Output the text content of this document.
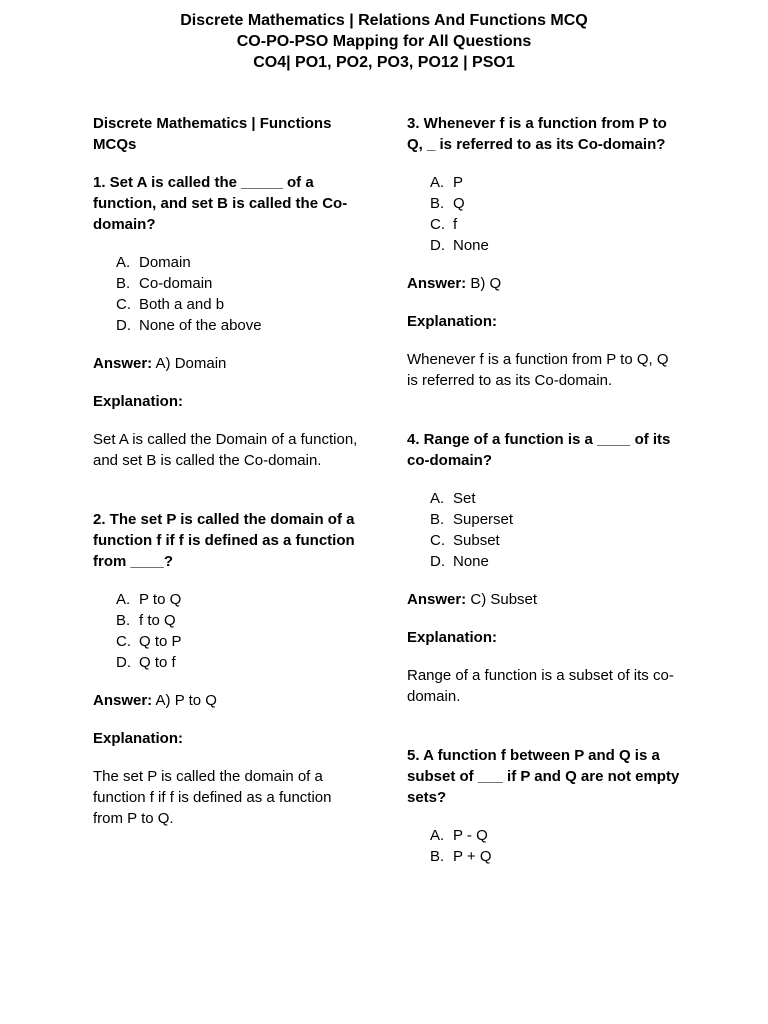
Discrete Mathematics | Relations And Functions MCQ
CO-PO-PSO Mapping for All Questions
CO4| PO1, PO2, PO3, PO12 | PSO1
Discrete Mathematics | Functions MCQs
1. Set A is called the _____ of a function, and set B is called the Co-domain?
A. Domain
B. Co-domain
C. Both a and b
D. None of the above
Answer: A) Domain
Explanation:
Set A is called the Domain of a function, and set B is called the Co-domain.
2. The set P is called the domain of a function f if f is defined as a function from ____?
A. P to Q
B. f to Q
C. Q to P
D. Q to f
Answer: A) P to Q
Explanation:
The set P is called the domain of a function f if f is defined as a function from P to Q.
3. Whenever f is a function from P to Q, _ is referred to as its Co-domain?
A. P
B. Q
C. f
D. None
Answer: B) Q
Explanation:
Whenever f is a function from P to Q, Q is referred to as its Co-domain.
4. Range of a function is a ____ of its co-domain?
A. Set
B. Superset
C. Subset
D. None
Answer: C) Subset
Explanation:
Range of a function is a subset of its co-domain.
5. A function f between P and Q is a subset of ___ if P and Q are not empty sets?
A. P - Q
B. P + Q
